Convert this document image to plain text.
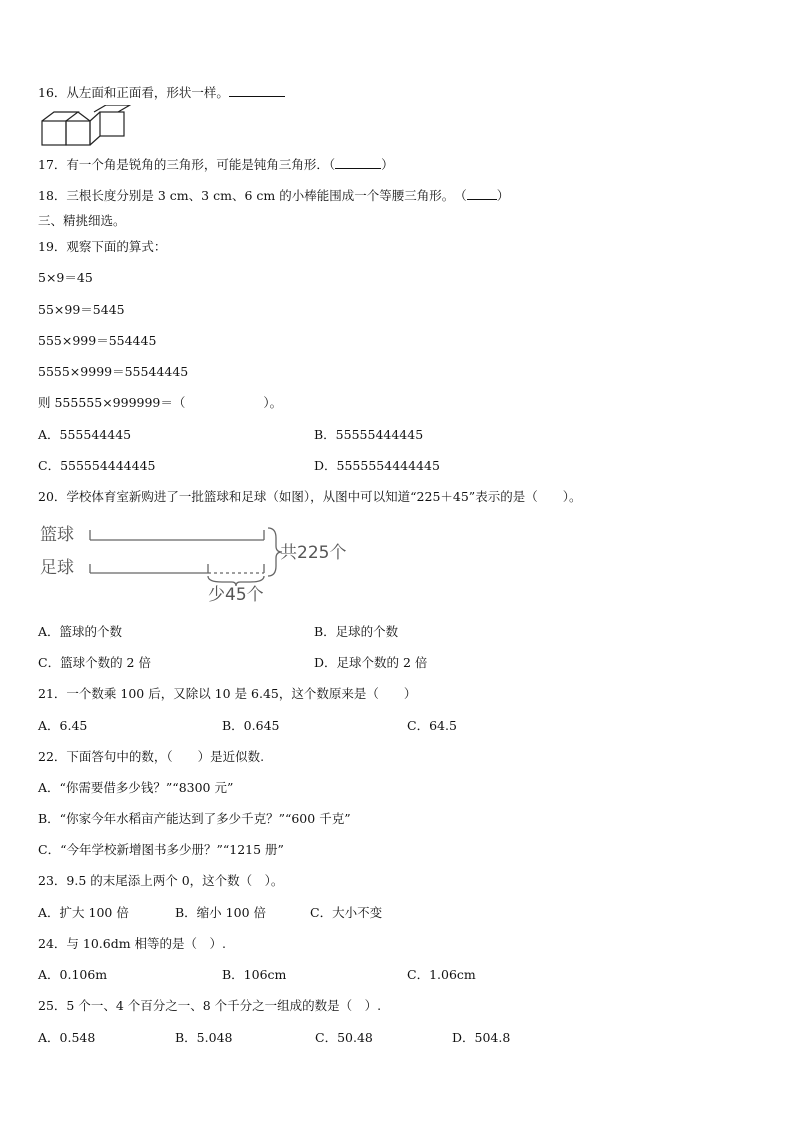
16．从左面和正面看，形状一样。
17．有一个角是锐角的三角形，可能是钝角三角形．（	）
18．三根长度分别是 3 cm、3 cm、6 cm 的小棒能围成一个等腰三角形。　（ ）
三、精挑细选。
19．观察下面的算式：
5×9＝45
55×99＝5445
555×999＝554445
5555×9999＝55544445
则 555555×999999＝（	）。
A．555544445	B．55555444445
C．555554444445	D．5555554444445
20．学校体育室新购进了一批篮球和足球（如图），从图中可以知道“225＋45”表示的是（　　）。
篮球
足球
共225个
少45个
A．篮球的个数	B．足球的个数
C．篮球个数的 2 倍	D．足球个数的 2 倍
21．一个数乘 100 后，又除以 10 是 6.45，这个数原来是（　　）
A．6.45	B．0.645	C．64.5
22．下面答句中的数，（　　）是近似数.
A．“你需要借多少钱？”“8300 元”
B．“你家今年水稻亩产能达到了多少千克？”“600 千克”
C．“今年学校新增图书多少册？”“1215 册”
23．9.5 的末尾添上两个 0，这个数（　）。
A．扩大 100 倍	B．缩小 100 倍	C．大小不变
24．与 10.6dm 相等的是（　）.
A．0.106m	B．106cm	C．1.06cm
25．5 个一、4 个百分之一、8 个千分之一组成的数是（　）.
A．0.548	B．5.048	C．50.48	D．504.8
